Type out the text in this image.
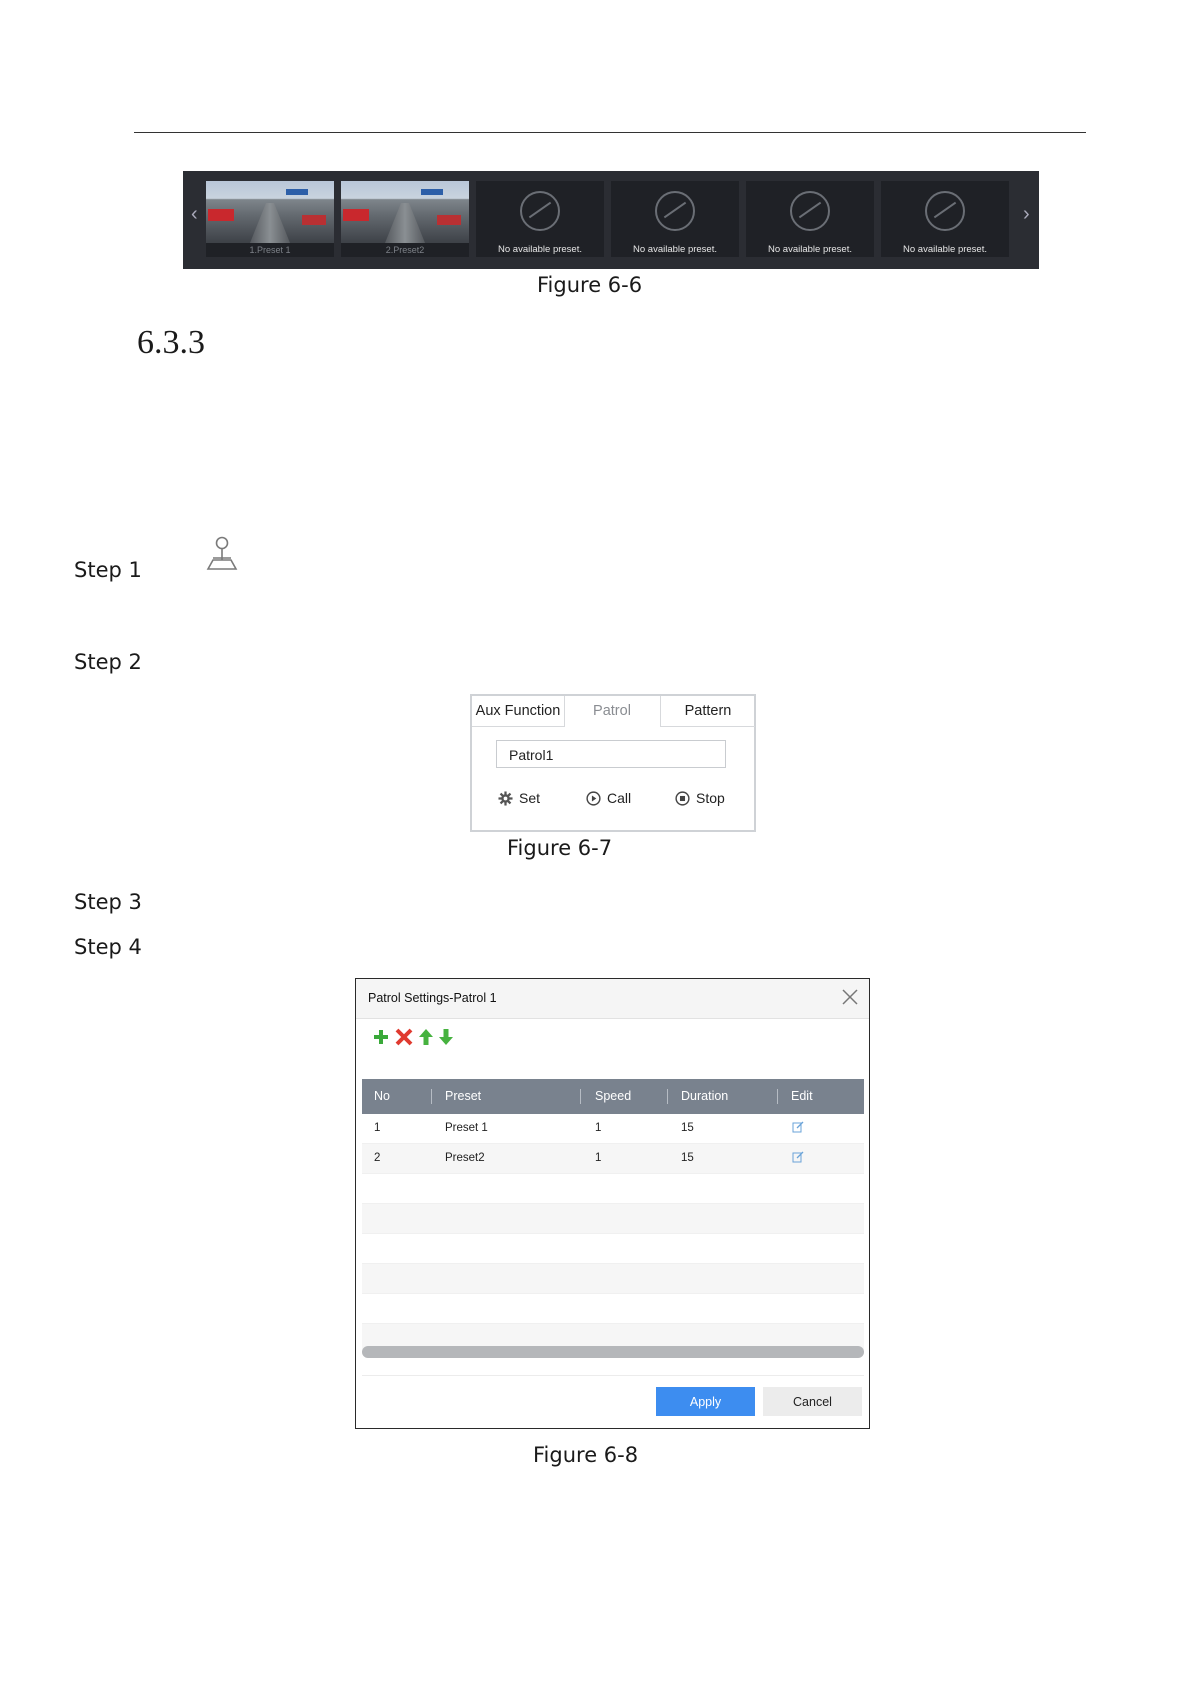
‹
1.Preset 1	2.Preset2	No available preset.	No available preset.	No available preset.	No available preset.
›
Figure 6-6
6.3.3
Step 1
Step 2
Aux Function	Patrol	Pattern
Patrol1
Set	Call	Stop
Figure 6-7
Step 3
Step 4
Patrol Settings-Patrol 1
No	Preset	Speed	Duration	Edit
1	Preset 1	1	15
2	Preset2	1	15
Apply	Cancel
Figure 6-8
